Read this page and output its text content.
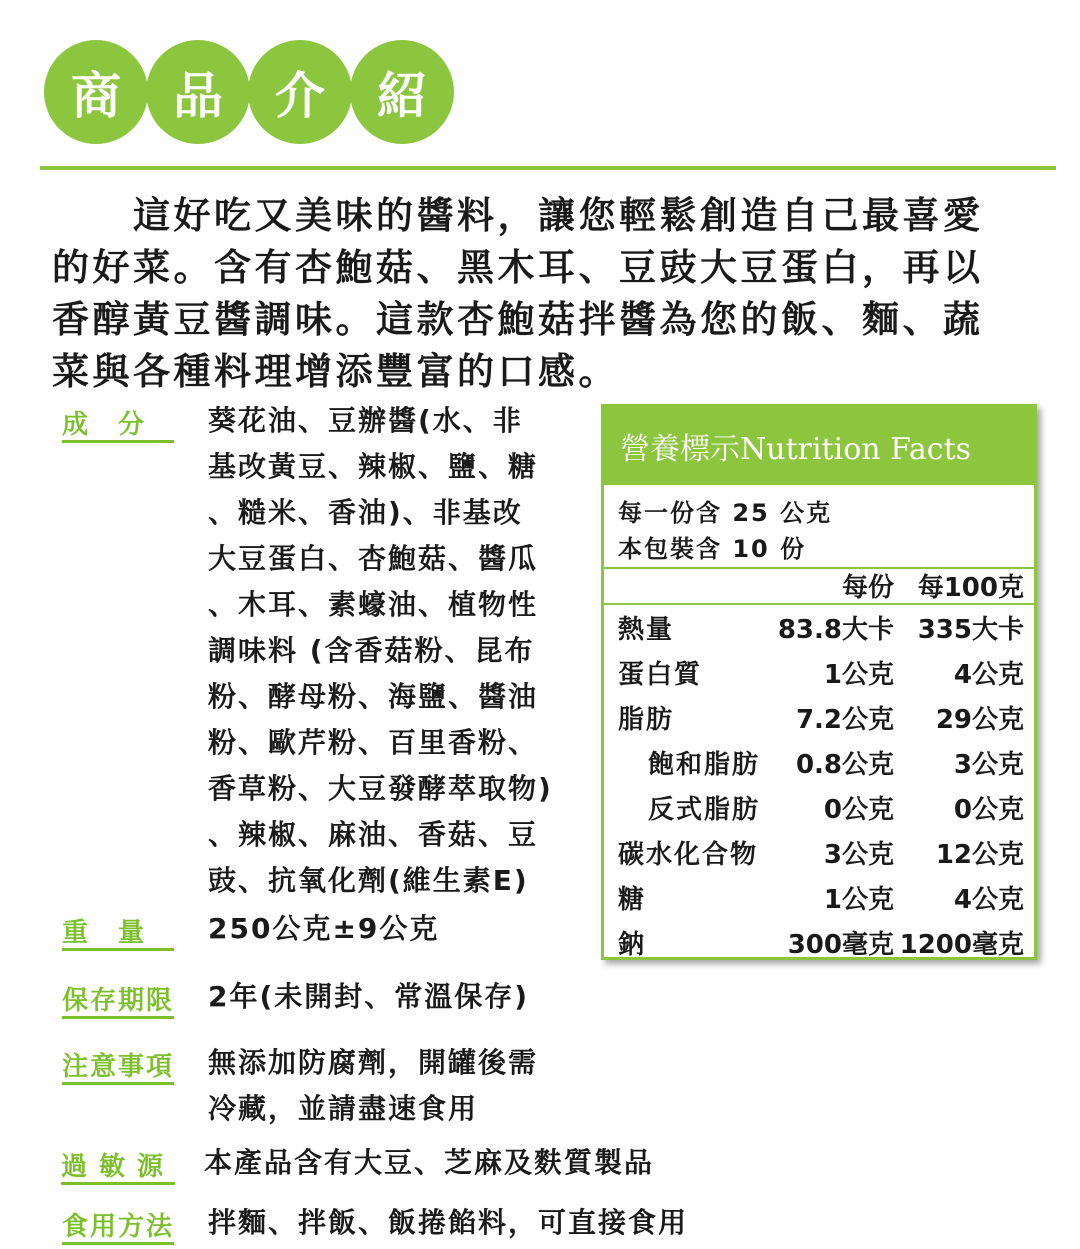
商	品	介	紹
　　這好吃又美味的醬料，讓您輕鬆創造自己最喜愛
的好菜。含有杏鮑菇、黑木耳、豆豉大豆蛋白，再以
香醇黃豆醬調味。這款杏鮑菇拌醬為您的飯、麵、蔬
菜與各種料理增添豐富的口感。
成分	葵花油、豆辦醬(水、非
基改黃豆、辣椒、鹽、糖
、糙米、香油)、非基改
大豆蛋白、杏鮑菇、醬瓜
、木耳、素蠔油、植物性
調味料 (含香菇粉、昆布
粉、酵母粉、海鹽、醬油
粉、歐芹粉、百里香粉、
香草粉、大豆發酵萃取物)
、辣椒、麻油、香菇、豆
豉、抗氧化劑(維生素E)
重量	250公克±9公克
保存期限	2年(未開封、常溫保存)
注意事項	無添加防腐劑，開罐後需
冷藏，並請盡速食用
過敏源	本產品含有大豆、芝麻及麩質製品
食用方法	拌麵、拌飯、飯捲餡料，可直接食用
營養標示Nutrition Facts
每一份含 25 公克
本包裝含 10 份
每份 每100克
熱量	83.8大卡 335大卡
蛋白質	1公克 4公克
脂肪	7.2公克 29公克
飽和脂肪 0.8公克 3公克
反式脂肪 0公克 0公克
碳水化合物	3公克 12公克
糖	1公克 4公克
鈉	300毫克 1200毫克
